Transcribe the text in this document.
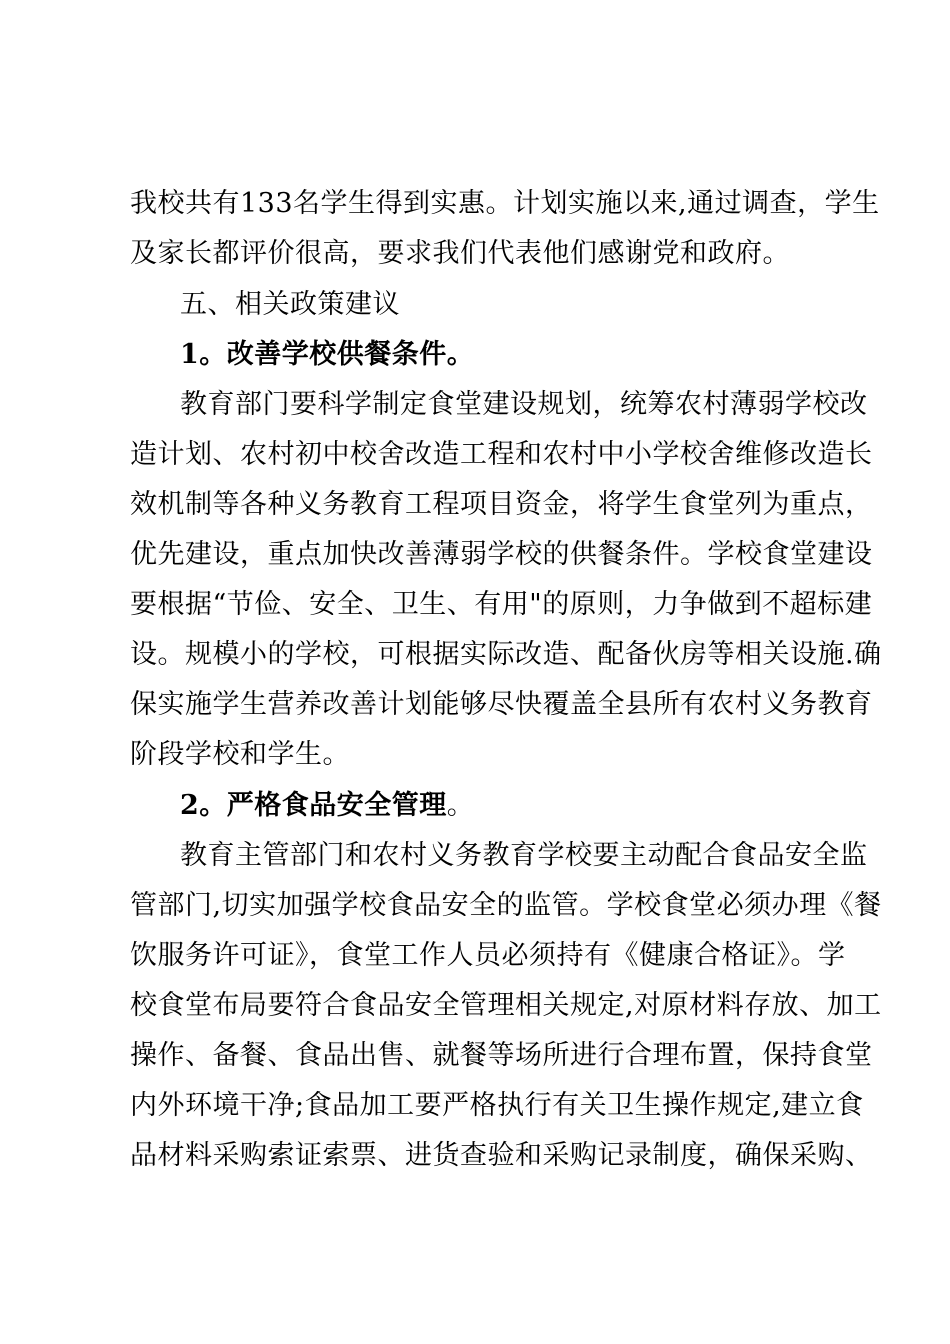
我校共有133名学生得到实惠。计划实施以来,通过调查，学生
及家长都评价很高，要求我们代表他们感谢党和政府。
五、相关政策建议
1。改善学校供餐条件。
教育部门要科学制定食堂建设规划，统筹农村薄弱学校改
造计划、农村初中校舍改造工程和农村中小学校舍维修改造长
效机制等各种义务教育工程项目资金，将学生食堂列为重点，
优先建设，重点加快改善薄弱学校的供餐条件。学校食堂建设
要根据“节俭、安全、卫生、有用"的原则，力争做到不超标建
设。规模小的学校，可根据实际改造、配备伙房等相关设施.确
保实施学生营养改善计划能够尽快覆盖全县所有农村义务教育
阶段学校和学生。
2。严格食品安全管理。
教育主管部门和农村义务教育学校要主动配合食品安全监
管部门,切实加强学校食品安全的监管。学校食堂必须办理《餐
饮服务许可证》，食堂工作人员必须持有《健康合格证》。学
校食堂布局要符合食品安全管理相关规定,对原材料存放、加工
操作、备餐、食品出售、就餐等场所进行合理布置，保持食堂
内外环境干净;食品加工要严格执行有关卫生操作规定,建立食
品材料采购索证索票、进货查验和采购记录制度，确保采购、
